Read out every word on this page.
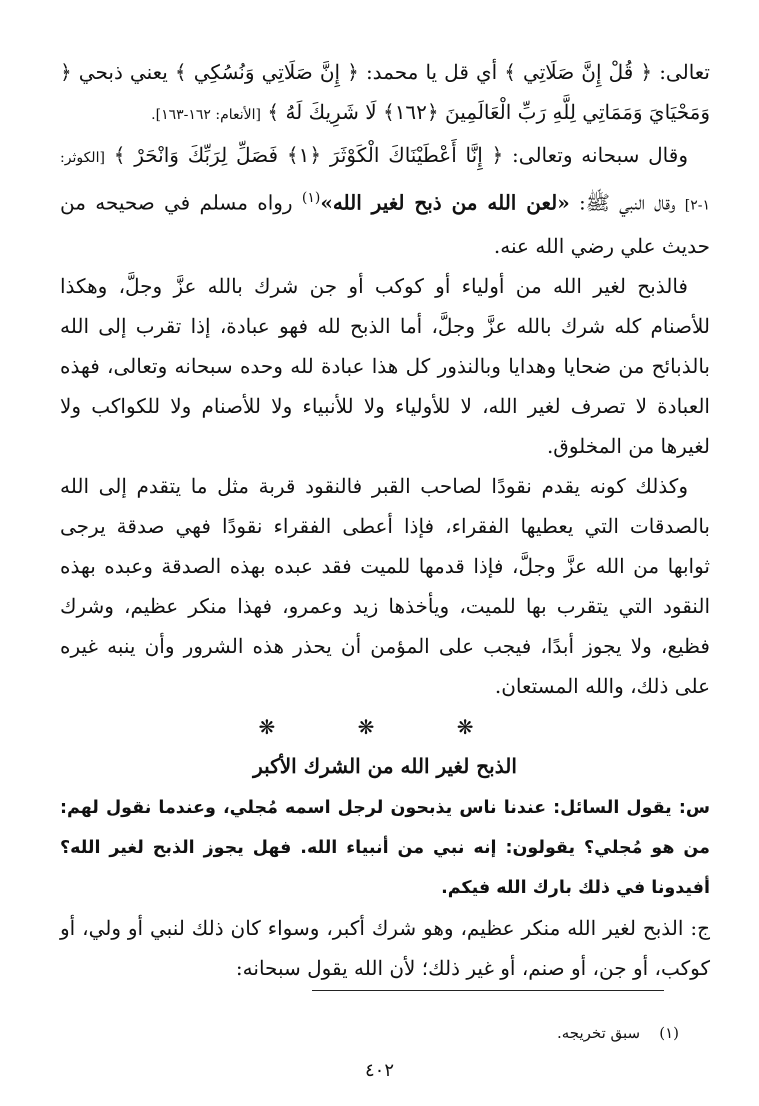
تعالى: ﴿ قُلْ إِنَّ صَلَاتِي ﴾ أي قل يا محمد: ﴿ إِنَّ صَلَاتِي وَنُسُكِي ﴾ يعني ذبحي ﴿ وَمَحْيَايَ وَمَمَاتِي لِلَّهِ رَبِّ الْعَالَمِينَ ﴿١٦٢﴾ لَا شَرِيكَ لَهُ ﴾ [الأنعام: ١٦٢-١٦٣].

وقال سبحانه وتعالى: ﴿ إِنَّا أَعْطَيْنَاكَ الْكَوْثَرَ ﴿١﴾ فَصَلِّ لِرَبِّكَ وَانْحَرْ ﴾ [الكوثر: ١-٢] وقال النبي ﷺ: «لعن الله من ذبح لغير الله»$^{(١)}$ رواه مسلم في صحيحه من حديث علي رضي الله عنه.

فالذبح لغير الله من أولياء أو كوكب أو جن شرك بالله عزَّ وجلَّ، وهكذا للأصنام كله شرك بالله عزَّ وجلَّ، أما الذبح لله فهو عبادة، إذا تقرب إلى الله بالذبائح من ضحايا وهدايا وبالنذور كل هذا عبادة لله وحده سبحانه وتعالى، فهذه العبادة لا تصرف لغير الله، لا للأولياء ولا للأنبياء ولا للأصنام ولا للكواكب ولا لغيرها من المخلوق.

وكذلك كونه يقدم نقودًا لصاحب القبر فالنقود قربة مثل ما يتقدم إلى الله بالصدقات التي يعطيها الفقراء، فإذا أعطى الفقراء نقودًا فهي صدقة يرجى ثوابها من الله عزَّ وجلَّ، فإذا قدمها للميت فقد عبده بهذه الصدقة وعبده بهذه النقود التي يتقرب بها للميت، ويأخذها زيد وعمرو، فهذا منكر عظيم، وشرك فظيع، ولا يجوز أبدًا، فيجب على المؤمن أن يحذر هذه الشرور وأن ينبه غيره على ذلك، والله المستعان.

❋ ❋ ❋
الذبح لغير الله من الشرك الأكبر

س: يقول السائل: عندنا ناس يذبحون لرجل اسمه مُجلي، وعندما نقول لهم: من هو مُجلي؟ يقولون: إنه نبي من أنبياء الله. فهل يجوز الذبح لغير الله؟ أفيدونا في ذلك بارك الله فيكم.

ج: الذبح لغير الله منكر عظيم، وهو شرك أكبر، وسواء كان ذلك لنبي أو ولي، أو كوكب، أو جن، أو صنم، أو غير ذلك؛ لأن الله يقول سبحانه:

(١)    سبق تخريجه.
٤٠٢
